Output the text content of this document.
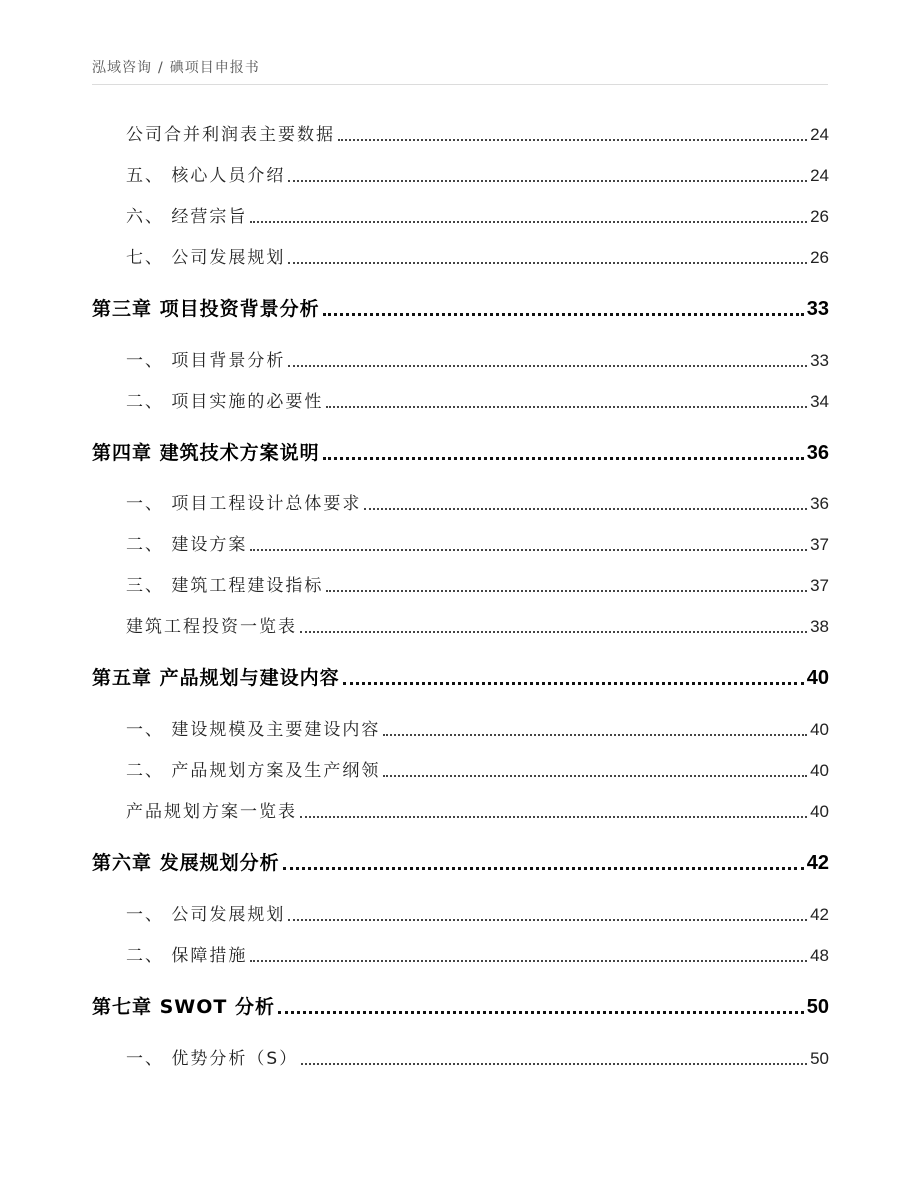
泓域咨询 / 碘项目申报书
公司合并利润表主要数据	24
五、 核心人员介绍	24
六、 经营宗旨	26
七、 公司发展规划	26
第三章 项目投资背景分析	33
一、 项目背景分析	33
二、 项目实施的必要性	34
第四章 建筑技术方案说明	36
一、 项目工程设计总体要求	36
二、 建设方案	37
三、 建筑工程建设指标	37
建筑工程投资一览表	38
第五章 产品规划与建设内容	40
一、 建设规模及主要建设内容	40
二、 产品规划方案及生产纲领	40
产品规划方案一览表	40
第六章 发展规划分析	42
一、 公司发展规划	42
二、 保障措施	48
第七章 SWOT 分析	50
一、 优势分析（S）	50
